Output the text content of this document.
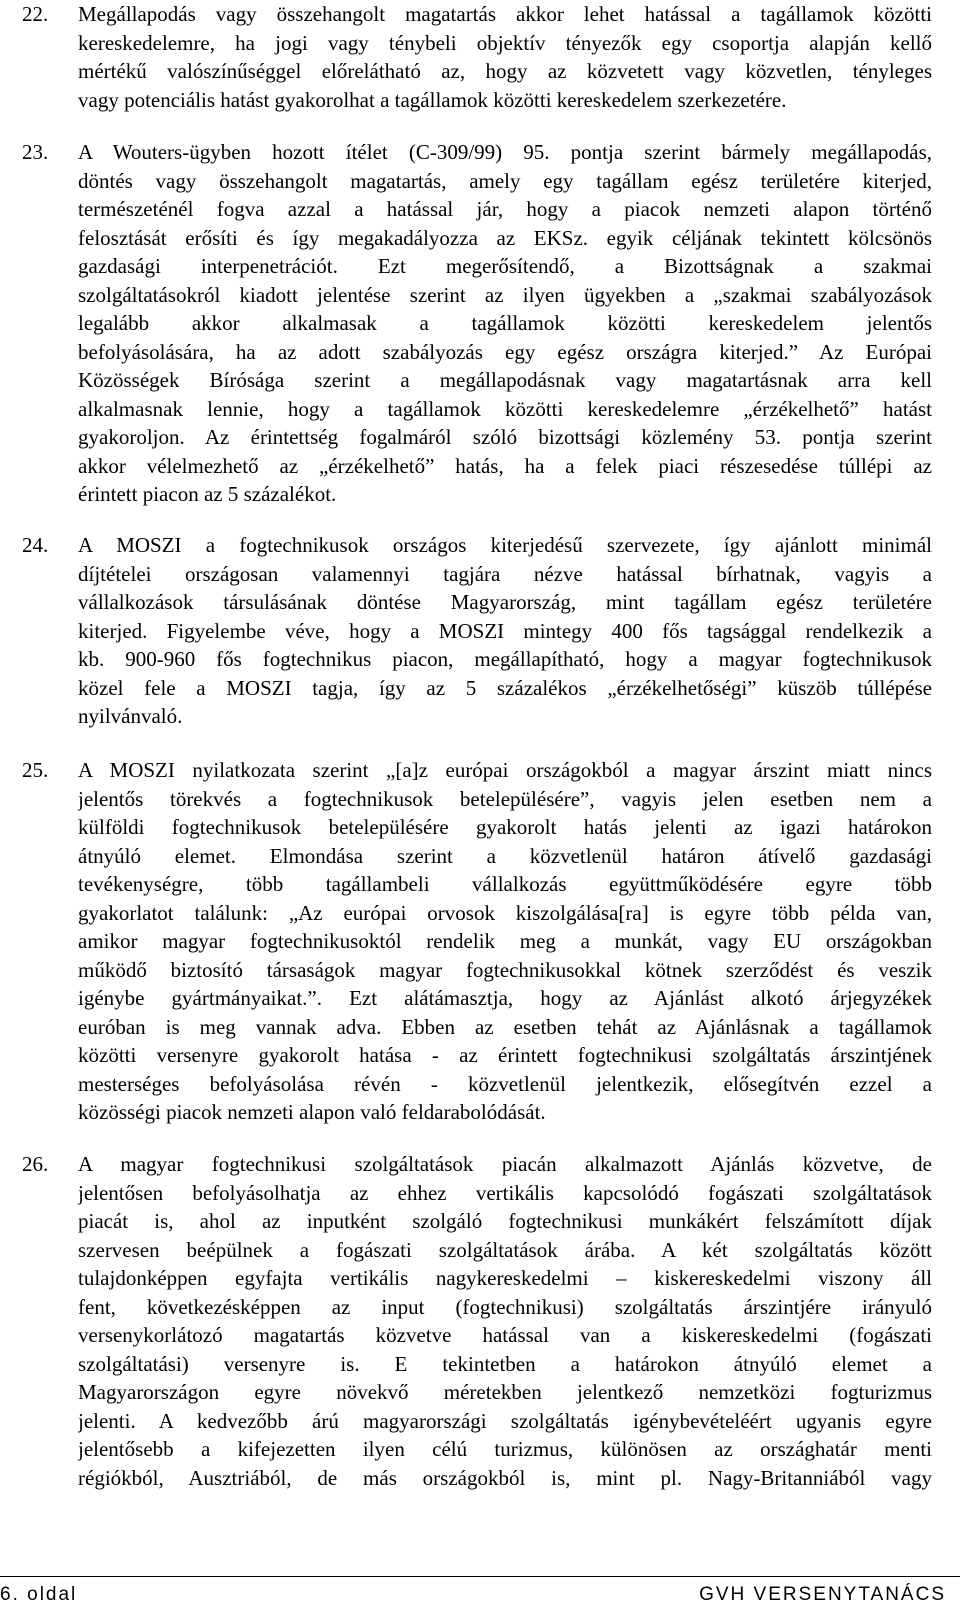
22.	Megállapodás vagy összehangolt magatartás akkor lehet hatással a tagállamok közötti
kereskedelemre, ha jogi vagy ténybeli objektív tényezők egy csoportja alapján kellő
mértékű valószínűséggel előrelátható az, hogy az közvetett vagy közvetlen, tényleges
vagy potenciális hatást gyakorolhat a tagállamok közötti kereskedelem szerkezetére.
23.	A Wouters-ügyben hozott ítélet (C-309/99) 95. pontja szerint bármely megállapodás,
döntés vagy összehangolt magatartás, amely egy tagállam egész területére kiterjed,
természeténél fogva azzal a hatással jár, hogy a piacok nemzeti alapon történő
felosztását erősíti és így megakadályozza az EKSz. egyik céljának tekintett kölcsönös
gazdasági interpenetrációt. Ezt megerősítendő, a Bizottságnak a szakmai
szolgáltatásokról kiadott jelentése szerint az ilyen ügyekben a „szakmai szabályozások
legalább akkor alkalmasak a tagállamok közötti kereskedelem jelentős
befolyásolására, ha az adott szabályozás egy egész országra kiterjed.” Az Európai
Közösségek Bírósága szerint a megállapodásnak vagy magatartásnak arra kell
alkalmasnak lennie, hogy a tagállamok közötti kereskedelemre „érzékelhető” hatást
gyakoroljon. Az érintettség fogalmáról szóló bizottsági közlemény 53. pontja szerint
akkor vélelmezhető az „érzékelhető” hatás, ha a felek piaci részesedése túllépi az
érintett piacon az 5 százalékot.
24.	A MOSZI a fogtechnikusok országos kiterjedésű szervezete, így ajánlott minimál
díjtételei országosan valamennyi tagjára nézve hatással bírhatnak, vagyis a
vállalkozások társulásának döntése Magyarország, mint tagállam egész területére
kiterjed. Figyelembe véve, hogy a MOSZI mintegy 400 fős tagsággal rendelkezik a
kb. 900-960 fős fogtechnikus piacon, megállapítható, hogy a magyar fogtechnikusok
közel fele a MOSZI tagja, így az 5 százalékos „érzékelhetőségi” küszöb túllépése
nyilvánvaló.
25.	A MOSZI nyilatkozata szerint „[a]z európai országokból a magyar árszint miatt nincs
jelentős törekvés a fogtechnikusok betelepülésére”, vagyis jelen esetben nem a
külföldi fogtechnikusok betelepülésére gyakorolt hatás jelenti az igazi határokon
átnyúló elemet. Elmondása szerint a közvetlenül határon átívelő gazdasági
tevékenységre, több tagállambeli vállalkozás együttműködésére egyre több
gyakorlatot találunk: „Az európai orvosok kiszolgálása[ra] is egyre több példa van,
amikor magyar fogtechnikusoktól rendelik meg a munkát, vagy EU országokban
működő biztosító társaságok magyar fogtechnikusokkal kötnek szerződést és veszik
igénybe gyártmányaikat.”. Ezt alátámasztja, hogy az Ajánlást alkotó árjegyzékek
euróban is meg vannak adva. Ebben az esetben tehát az Ajánlásnak a tagállamok
közötti versenyre gyakorolt hatása - az érintett fogtechnikusi szolgáltatás árszintjének
mesterséges befolyásolása révén - közvetlenül jelentkezik, elősegítvén ezzel a
közösségi piacok nemzeti alapon való feldarabolódását.
26.	A magyar fogtechnikusi szolgáltatások piacán alkalmazott Ajánlás közvetve, de
jelentősen befolyásolhatja az ehhez vertikális kapcsolódó fogászati szolgáltatások
piacát is, ahol az inputként szolgáló fogtechnikusi munkákért felszámított díjak
szervesen beépülnek a fogászati szolgáltatások árába. A két szolgáltatás között
tulajdonképpen egyfajta vertikális nagykereskedelmi – kiskereskedelmi viszony áll
fent, következésképpen az input (fogtechnikusi) szolgáltatás árszintjére irányuló
versenykorlátozó magatartás közvetve hatással van a kiskereskedelmi (fogászati
szolgáltatási) versenyre is. E tekintetben a határokon átnyúló elemet a
Magyarországon egyre növekvő méretekben jelentkező nemzetközi fogturizmus
jelenti. A kedvezőbb árú magyarországi szolgáltatás igénybevételéért ugyanis egyre
jelentősebb a kifejezetten ilyen célú turizmus, különösen az országhatár menti
régiókból, Ausztriából, de más országokból is, mint pl. Nagy-Britanniából vagy
6. oldal	GVH VERSENYTANÁCS
